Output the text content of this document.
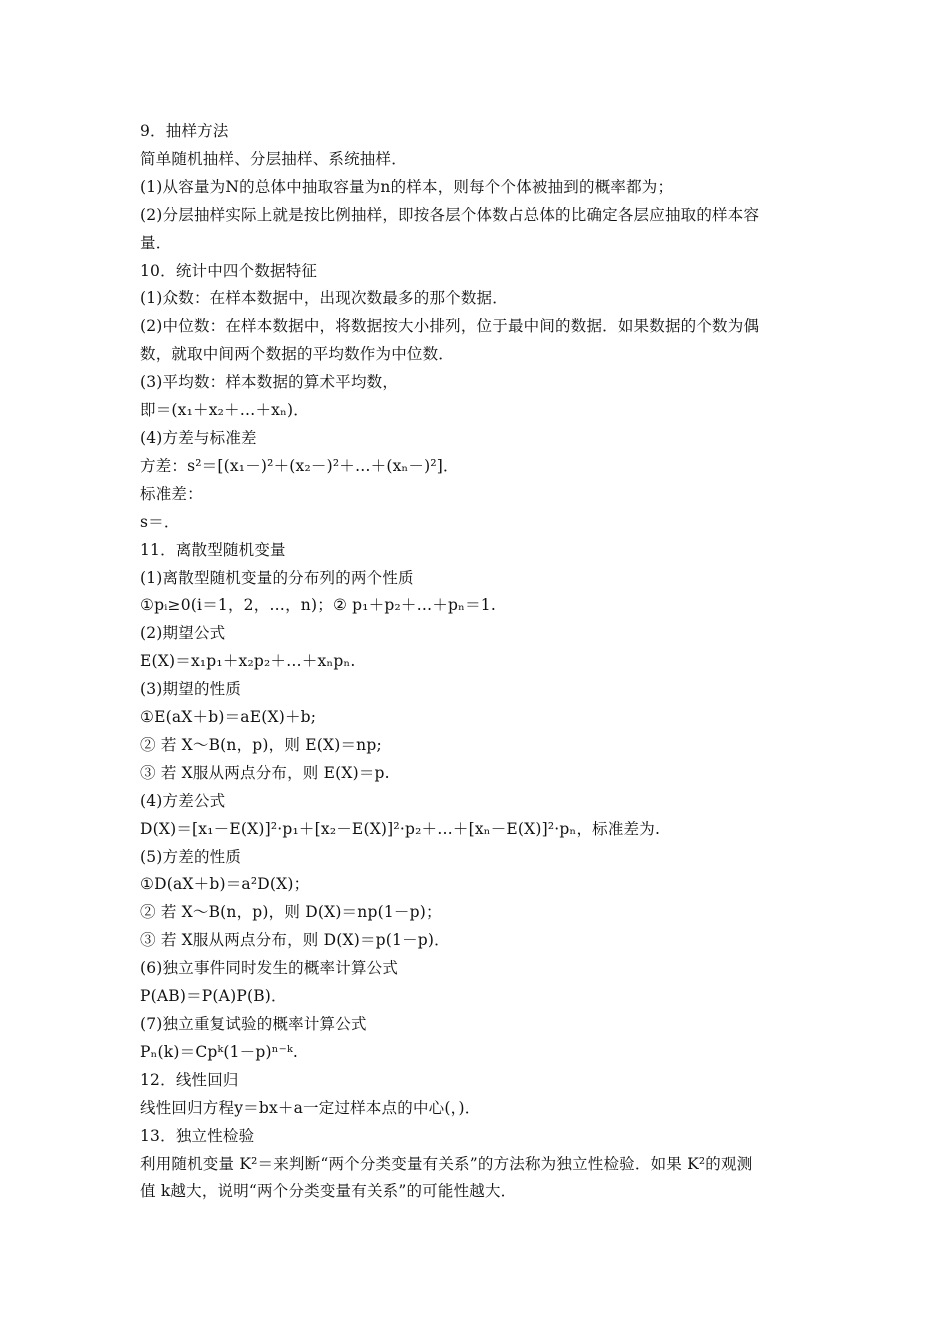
9．抽样方法
简单随机抽样、分层抽样、系统抽样．
(1)从容量为N的总体中抽取容量为n的样本，则每个个体被抽到的概率都为；
(2)分层抽样实际上就是按比例抽样，即按各层个体数占总体的比确定各层应抽取的样本容
量．
10．统计中四个数据特征
(1)众数：在样本数据中，出现次数最多的那个数据．
(2)中位数：在样本数据中，将数据按大小排列，位于最中间的数据．如果数据的个数为偶
数，就取中间两个数据的平均数作为中位数．
(3)平均数：样本数据的算术平均数，
即＝(x₁＋x₂＋…＋xₙ)．
(4)方差与标准差
方差：s²＝[(x₁－)²＋(x₂－)²＋…＋(xₙ－)²]．
标准差：
s＝．
11．离散型随机变量
(1)离散型随机变量的分布列的两个性质
①pᵢ≥0(i＝1，2，…，n)；② p₁＋p₂＋…＋pₙ＝1.
(2)期望公式
E(X)＝x₁p₁＋x₂p₂＋…＋xₙpₙ.
(3)期望的性质
①E(aX＋b)＝aE(X)＋b;
② 若 X～B(n，p)，则 E(X)＝np;
③ 若 X服从两点分布，则 E(X)＝p.
(4)方差公式
D(X)＝[x₁－E(X)]²·p₁＋[x₂－E(X)]²·p₂＋…＋[xₙ－E(X)]²·pₙ，标准差为.
(5)方差的性质
①D(aX＋b)＝a²D(X)；
② 若 X～B(n，p)，则 D(X)＝np(1－p)；
③ 若 X服从两点分布，则 D(X)＝p(1－p)．
(6)独立事件同时发生的概率计算公式
P(AB)＝P(A)P(B)．
(7)独立重复试验的概率计算公式
Pₙ(k)＝Cpᵏ(1－p)ⁿ⁻ᵏ.
12．线性回归
线性回归方程y＝bx＋a一定过样本点的中心(，)．
13．独立性检验
利用随机变量 K²＝来判断“两个分类变量有关系”的方法称为独立性检验．如果 K²的观测
值 k越大，说明“两个分类变量有关系”的可能性越大．
